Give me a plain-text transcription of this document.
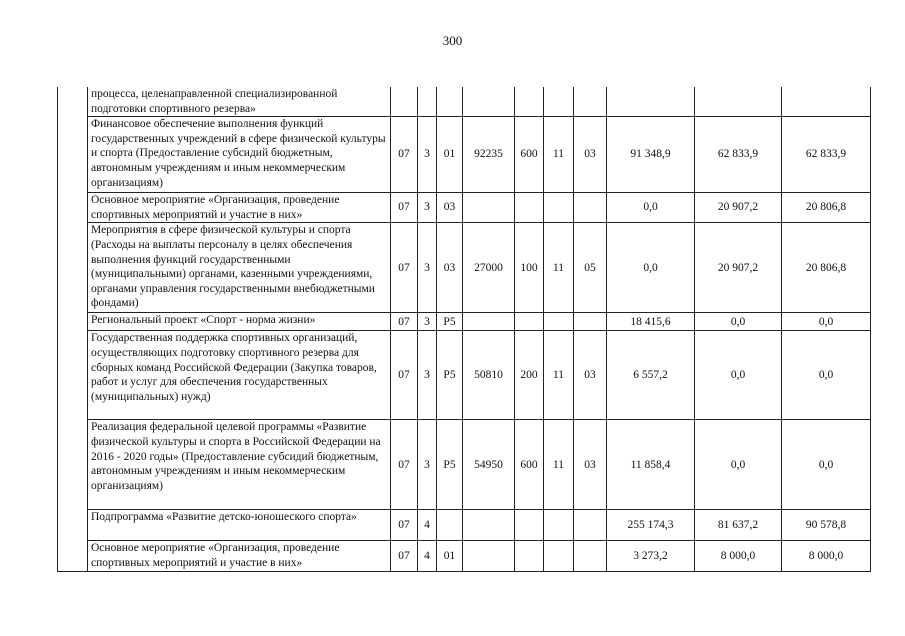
300
	процесса, целенаправленной специализированной подготовки спортивного резерва»										
	Финансовое обеспечение выполнения функций государственных учреждений в сфере физической культуры и спорта (Предоставление субсидий бюджетным, автономным учреждениям и иным некоммерческим организациям)	07	3	01	92235	600	11	03	91 348,9	62 833,9	62 833,9
	Основное мероприятие «Организация, проведение спортивных мероприятий и участие в них»	07	3	03					0,0	20 907,2	20 806,8
	Мероприятия в сфере физической культуры и спорта (Расходы на выплаты персоналу в целях обеспечения выполнения функций государственными (муниципальными) органами, казенными учреждениями, органами управления государственными внебюджетными фондами)	07	3	03	27000	100	11	05	0,0	20 907,2	20 806,8
	Региональный проект «Спорт - норма жизни»	07	3	P5					18 415,6	0,0	0,0
	Государственная поддержка спортивных организаций, осуществляющих подготовку спортивного резерва для сборных команд Российской Федерации (Закупка товаров, работ и услуг для обеспечения государственных (муниципальных) нужд)	07	3	P5	50810	200	11	03	6 557,2	0,0	0,0
	Реализация федеральной целевой программы «Развитие физической культуры и спорта в Российской Федерации на 2016 - 2020 годы» (Предоставление субсидий бюджетным, автономным учреждениям и иным некоммерческим организациям)	07	3	P5	54950	600	11	03	11 858,4	0,0	0,0
	Подпрограмма «Развитие детско-юношеского спорта»	07	4						255 174,3	81 637,2	90 578,8
	Основное мероприятие «Организация, проведение спортивных мероприятий и участие в них»	07	4	01					3 273,2	8 000,0	8 000,0
